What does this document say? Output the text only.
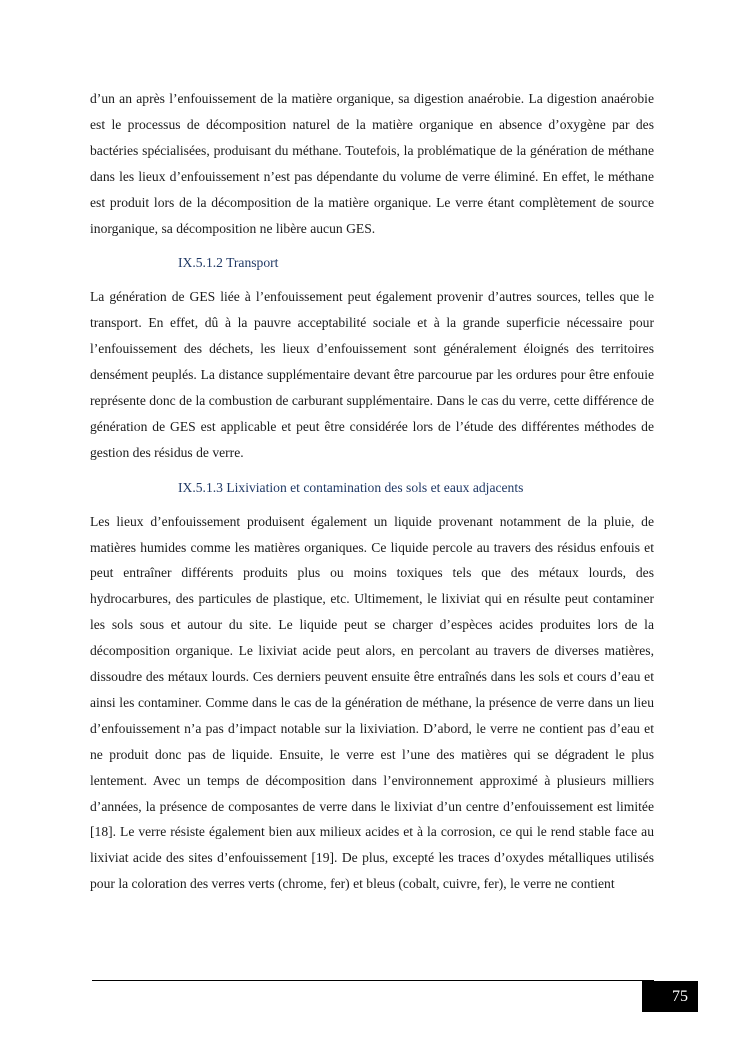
d’un an après l’enfouissement de la matière organique, sa digestion anaérobie. La digestion anaérobie est le processus de décomposition naturel de la matière organique en absence d’oxygène par des bactéries spécialisées, produisant du méthane. Toutefois, la problématique de la génération de méthane dans les lieux d’enfouissement n’est pas dépendante du volume de verre éliminé. En effet, le méthane est produit lors de la décomposition de la matière organique. Le verre étant complètement de source inorganique, sa décomposition ne libère aucun GES.

IX.5.1.2 Transport

La génération de GES liée à l’enfouissement peut également provenir d’autres sources, telles que le transport. En effet, dû à la pauvre acceptabilité sociale et à la grande superficie nécessaire pour l’enfouissement des déchets, les lieux d’enfouissement sont généralement éloignés des territoires densément peuplés. La distance supplémentaire devant être parcourue par les ordures pour être enfouie représente donc de la combustion de carburant supplémentaire. Dans le cas du verre, cette différence de génération de GES est applicable et peut être considérée lors de l’étude des différentes méthodes de gestion des résidus de verre.

IX.5.1.3 Lixiviation et contamination des sols et eaux adjacents

Les lieux d’enfouissement produisent également un liquide provenant notamment de la pluie, de matières humides comme les matières organiques. Ce liquide percole au travers des résidus enfouis et peut entraîner différents produits plus ou moins toxiques tels que des métaux lourds, des hydrocarbures, des particules de plastique, etc. Ultimement, le lixiviat qui en résulte peut contaminer les sols sous et autour du site. Le liquide peut se charger d’espèces acides produites lors de la décomposition organique. Le lixiviat acide peut alors, en percolant au travers de diverses matières, dissoudre des métaux lourds. Ces derniers peuvent ensuite être entraînés dans les sols et cours d’eau et ainsi les contaminer. Comme dans le cas de la génération de méthane, la présence de verre dans un lieu d’enfouissement n’a pas d’impact notable sur la lixiviation. D’abord, le verre ne contient pas d’eau et ne produit donc pas de liquide. Ensuite, le verre est l’une des matières qui se dégradent le plus lentement. Avec un temps de décomposition dans l’environnement approximé à plusieurs milliers d’années, la présence de composantes de verre dans le lixiviat d’un centre d’enfouissement est limitée [18]. Le verre résiste également bien aux milieux acides et à la corrosion, ce qui le rend stable face au lixiviat acide des sites d’enfouissement [19]. De plus, excepté les traces d’oxydes métalliques utilisés pour la coloration des verres verts (chrome, fer) et bleus (cobalt, cuivre, fer), le verre ne contient

75
